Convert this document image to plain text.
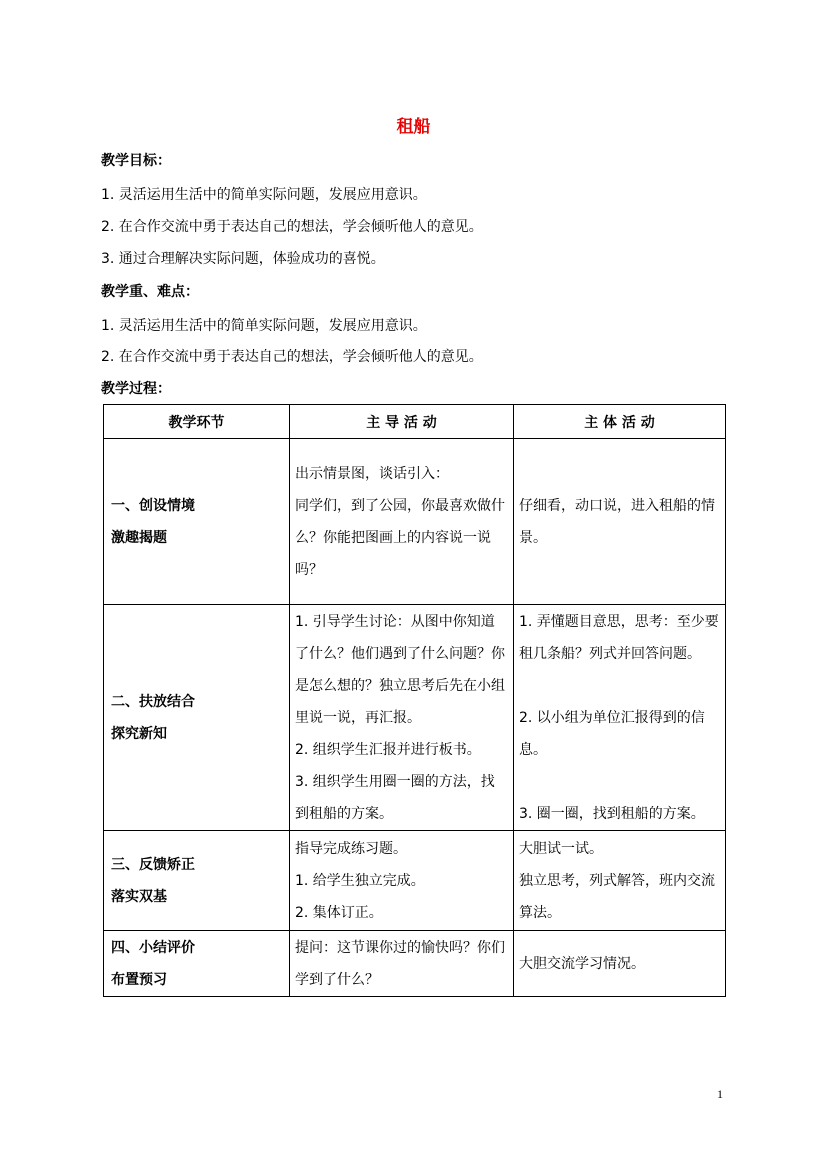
租船
教学目标：
1. 灵活运用生活中的简单实际问题，发展应用意识。
2. 在合作交流中勇于表达自己的想法，学会倾听他人的意见。
3. 通过合理解决实际问题，体验成功的喜悦。
教学重、难点：
1. 灵活运用生活中的简单实际问题，发展应用意识。
2. 在合作交流中勇于表达自己的想法，学会倾听他人的意见。
教学过程：
教学环节	主 导 活 动	主 体 活 动

一、创设情境
激趣揭题	出示情景图，谈话引入：
同学们，到了公园，你最喜欢做什么？你能把图画上的内容说一说吗？	仔细看，动口说，进入租船的情景。

二、扶放结合
探究新知	1. 引导学生讨论：从图中你知道了什么？他们遇到了什么问题？你是怎么想的？独立思考后先在小组里说一说，再汇报。
2. 组织学生汇报并进行板书。
3. 组织学生用圈一圈的方法，找到租船的方案。	1. 弄懂题目意思，思考：至少要租几条船？列式并回答问题。
2. 以小组为单位汇报得到的信息。
3. 圈一圈，找到租船的方案。

三、反馈矫正
落实双基	指导完成练习题。
1. 给学生独立完成。
2. 集体订正。	大胆试一试。
独立思考，列式解答，班内交流算法。

四、小结评价
布置预习	提问：这节课你过的愉快吗？你们学到了什么？	大胆交流学习情况。
1
